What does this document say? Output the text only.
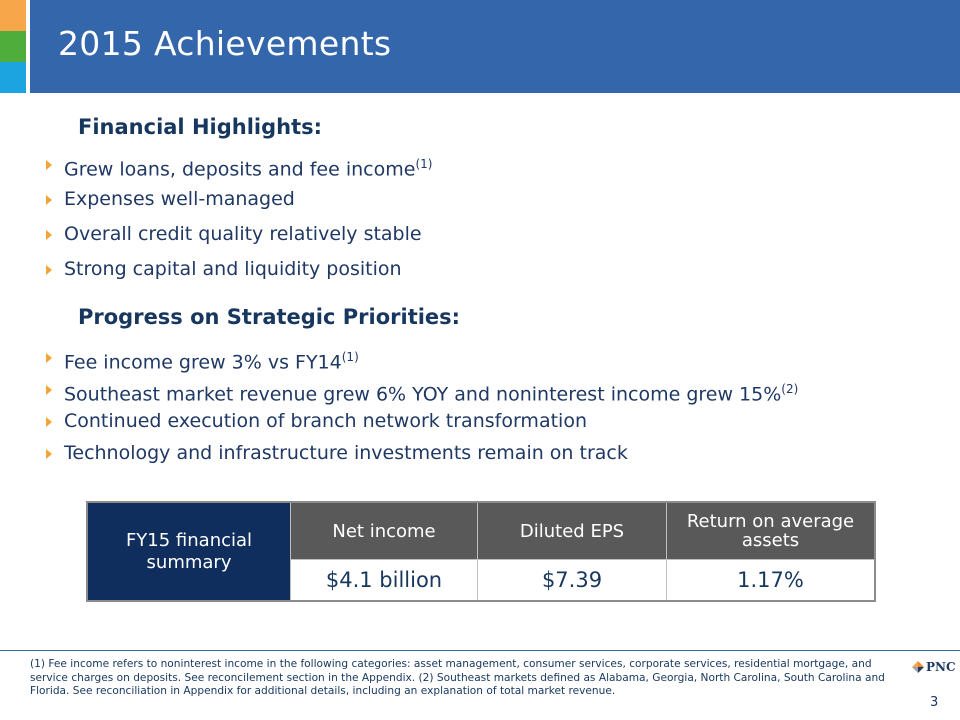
2015 Achievements
Financial Highlights:
Grew loans, deposits and fee income$^{(1)}$
Expenses well-managed
Overall credit quality relatively stable
Strong capital and liquidity position
Progress on Strategic Priorities:
Fee income grew 3% vs FY14$^{(1)}$
Southeast market revenue grew 6% YOY and noninterest income grew 15%$^{(2)}$
Continued execution of branch network transformation
Technology and infrastructure investments remain on track
FY15 financial summary	Net income	Diluted EPS	Return on average assets
	$4.1 billion	$7.39	1.17%
(1) Fee income refers to noninterest income in the following categories: asset management, consumer services, corporate services, residential mortgage, and service charges on deposits. See reconcilement section in the Appendix. (2) Southeast markets defined as Alabama, Georgia, North Carolina, South Carolina and Florida. See reconciliation in Appendix for additional details, including an explanation of total market revenue.
PNC
3
